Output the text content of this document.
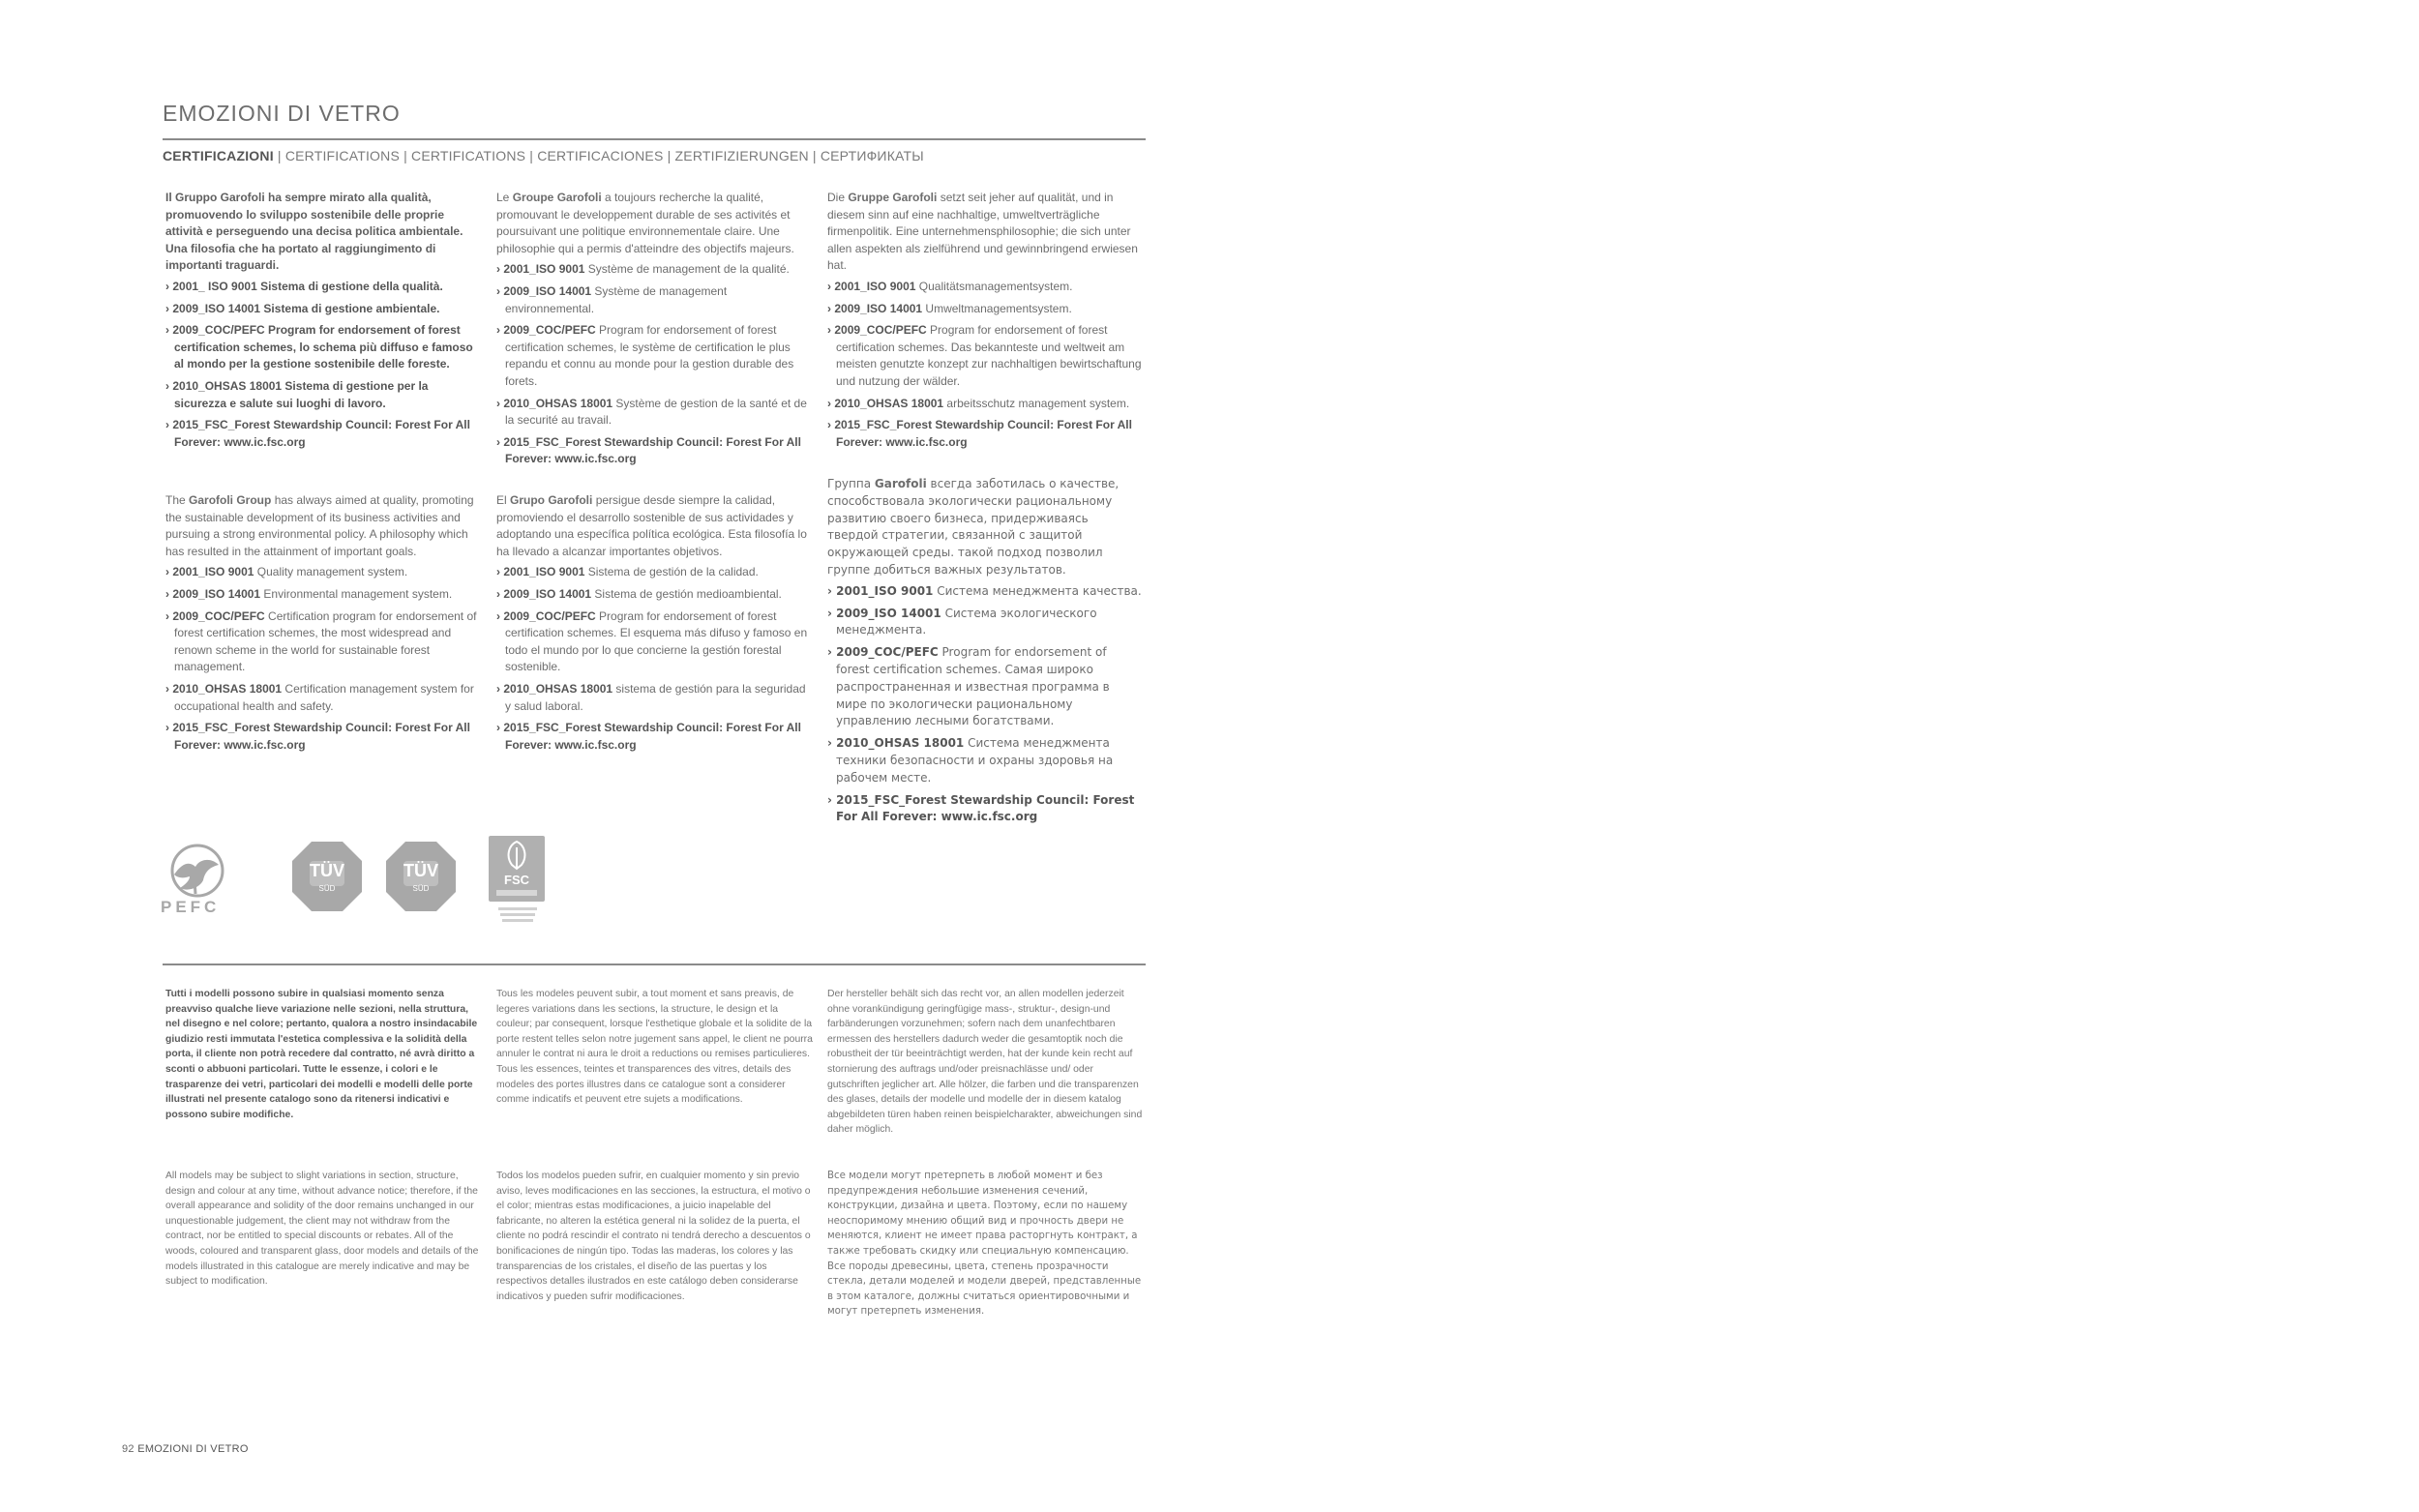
EMOZIONI DI VETRO
CERTIFICAZIONI | CERTIFICATIONS | CERTIFICATIONS | CERTIFICACIONES | ZERTIFIZIERUNGEN | СЕРТИФИКАТЫ

Il Gruppo Garofoli ha sempre mirato alla qualità, promuovendo lo sviluppo sostenibile delle proprie attività e perseguendo una decisa politica ambientale. Una filosofia che ha portato al raggiungimento di importanti traguardi.

› 2001_ ISO 9001 Sistema di gestione della qualità.
› 2009_ISO 14001 Sistema di gestione ambientale.
› 2009_COC/PEFC Program for endorsement of forest certification schemes, lo schema più diffuso e famoso al mondo per la gestione sostenibile delle foreste.
› 2010_OHSAS 18001 Sistema di gestione per la sicurezza e salute sui luoghi di lavoro.
› 2015_FSC_Forest Stewardship Council: Forest For All Forever: www.ic.fsc.org

Le Groupe Garofoli a toujours recherche la qualité, promouvant le developpement durable de ses activités et poursuivant une politique environnementale claire. Une philosophie qui a permis d'atteindre des objectifs majeurs.

› 2001_ISO 9001 Système de management de la qualité.
› 2009_ISO 14001 Système de management environnemental.
› 2009_COC/PEFC Program for endorsement of forest certification schemes, le système de certification le plus repandu et connu au monde pour la gestion durable des forets.
› 2010_OHSAS 18001 Système de gestion de la santé et de la securité au travail.
› 2015_FSC_Forest Stewardship Council: Forest For All Forever: www.ic.fsc.org

Die Gruppe Garofoli setzt seit jeher auf qualität, und in diesem sinn auf eine nachhaltige, umweltverträgliche firmenpolitik. Eine unternehmensphilosophie; die sich unter allen aspekten als zielführend und gewinnbringend erwiesen hat.

› 2001_ISO 9001 Qualitätsmanagementsystem.
› 2009_ISO 14001 Umweltmanagementsystem.
› 2009_COC/PEFC Program for endorsement of forest certification schemes. Das bekannteste und weltweit am meisten genutzte konzept zur nachhaltigen bewirtschaftung und nutzung der wälder.
› 2010_OHSAS 18001 arbeitsschutz management system.
› 2015_FSC_Forest Stewardship Council: Forest For All Forever: www.ic.fsc.org

The Garofoli Group has always aimed at quality, promoting the sustainable development of its business activities and pursuing a strong environmental policy. A philosophy which has resulted in the attainment of important goals.

› 2001_ISO 9001 Quality management system.
› 2009_ISO 14001 Environmental management system.
› 2009_COC/PEFC Certification program for endorsement of forest certification schemes, the most widespread and renown scheme in the world for sustainable forest management.
› 2010_OHSAS 18001 Certification management system for occupational health and safety.
› 2015_FSC_Forest Stewardship Council: Forest For All Forever: www.ic.fsc.org

El Grupo Garofoli persigue desde siempre la calidad, promoviendo el desarrollo sostenible de sus actividades y adoptando una específica política ecológica. Esta filosofía lo ha llevado a alcanzar importantes objetivos.

› 2001_ISO 9001 Sistema de gestión de la calidad.
› 2009_ISO 14001 Sistema de gestión medioambiental.
› 2009_COC/PEFC Program for endorsement of forest certification schemes. El esquema más difuso y famoso en todo el mundo por lo que concierne la gestión forestal sostenible.
› 2010_OHSAS 18001 sistema de gestión para la seguridad y salud laboral.
› 2015_FSC_Forest Stewardship Council: Forest For All Forever: www.ic.fsc.org

Группа Garofoli всегда заботилась о качестве, способствовала экологически рациональному развитию своего бизнеса, придерживаясь твердой стратегии, связанной с защитой окружающей среды. такой подход позволил группе добиться важных результатов.

› 2001_ISO 9001 Система менеджмента качества.
› 2009_ISO 14001 Система экологического менеджмента.
› 2009_COC/PEFC Program for endorsement of forest certification schemes. Самая широко распространенная и известная программа в мире по экологически рациональному управлению лесными богатствами.
› 2010_OHSAS 18001 Система менеджмента техники безопасности и охраны здоровья на рабочем месте.
› 2015_FSC_Forest Stewardship Council: Forest For All Forever: www.ic.fsc.org
PEFC
TÜV
SÜD
TÜV
SÜD
FSC
Tutti i modelli possono subire in qualsiasi momento senza preavviso qualche lieve variazione nelle sezioni, nella struttura, nel disegno e nel colore; pertanto, qualora a nostro insindacabile giudizio resti immutata l'estetica complessiva e la solidità della porta, il cliente non potrà recedere dal contratto, né avrà diritto a sconti o abbuoni particolari. Tutte le essenze, i colori e le trasparenze dei vetri, particolari dei modelli e modelli delle porte illustrati nel presente catalogo sono da ritenersi indicativi e possono subire modifiche.
Tous les modeles peuvent subir, a tout moment et sans preavis, de legeres variations dans les sections, la structure, le design et la couleur; par consequent, lorsque l'esthetique globale et la solidite de la porte restent telles selon notre jugement sans appel, le client ne pourra annuler le contrat ni aura le droit a reductions ou remises particulieres. Tous les essences, teintes et transparences des vitres, details des modeles des portes illustres dans ce catalogue sont a considerer comme indicatifs et peuvent etre sujets a modifications.
Der hersteller behält sich das recht vor, an allen modellen jederzeit ohne vorankündigung geringfügige mass-, struktur-, design-und farbänderungen vorzunehmen; sofern nach dem unanfechtbaren ermessen des herstellers dadurch weder die gesamtoptik noch die robustheit der tür beeinträchtigt werden, hat der kunde kein recht auf stornierung des auftrags und/oder preisnachlässe und/ oder gutschriften jeglicher art. Alle hölzer, die farben und die transparenzen des glases, details der modelle und modelle der in diesem katalog abgebildeten türen haben reinen beispielcharakter, abweichungen sind daher möglich.
All models may be subject to slight variations in section, structure, design and colour at any time, without advance notice; therefore, if the overall appearance and solidity of the door remains unchanged in our unquestionable judgement, the client may not withdraw from the contract, nor be entitled to special discounts or rebates. All of the woods, coloured and transparent glass, door models and details of the models illustrated in this catalogue are merely indicative and may be subject to modification.
Todos los modelos pueden sufrir, en cualquier momento y sin previo aviso, leves modificaciones en las secciones, la estructura, el motivo o el color; mientras estas modificaciones, a juicio inapelable del fabricante, no alteren la estética general ni la solidez de la puerta, el cliente no podrá rescindir el contrato ni tendrá derecho a descuentos o bonificaciones de ningún tipo. Todas las maderas, los colores y las transparencias de los cristales, el diseño de las puertas y los respectivos detalles ilustrados en este catálogo deben considerarse indicativos y pueden sufrir modificaciones.
Все модели могут претерпеть в любой момент и без предупреждения небольшие изменения сечений, конструкции, дизайна и цвета. Поэтому, если по нашему неоспоримому мнению общий вид и прочность двери не меняются, клиент не имеет права расторгнуть контракт, а также требовать скидку или специальную компенсацию. Все породы древесины, цвета, степень прозрачности стекла, детали моделей и модели дверей, представленные в этом каталоге, должны считаться ориентировочными и могут претерпеть изменения.
92 EMOZIONI DI VETRO
